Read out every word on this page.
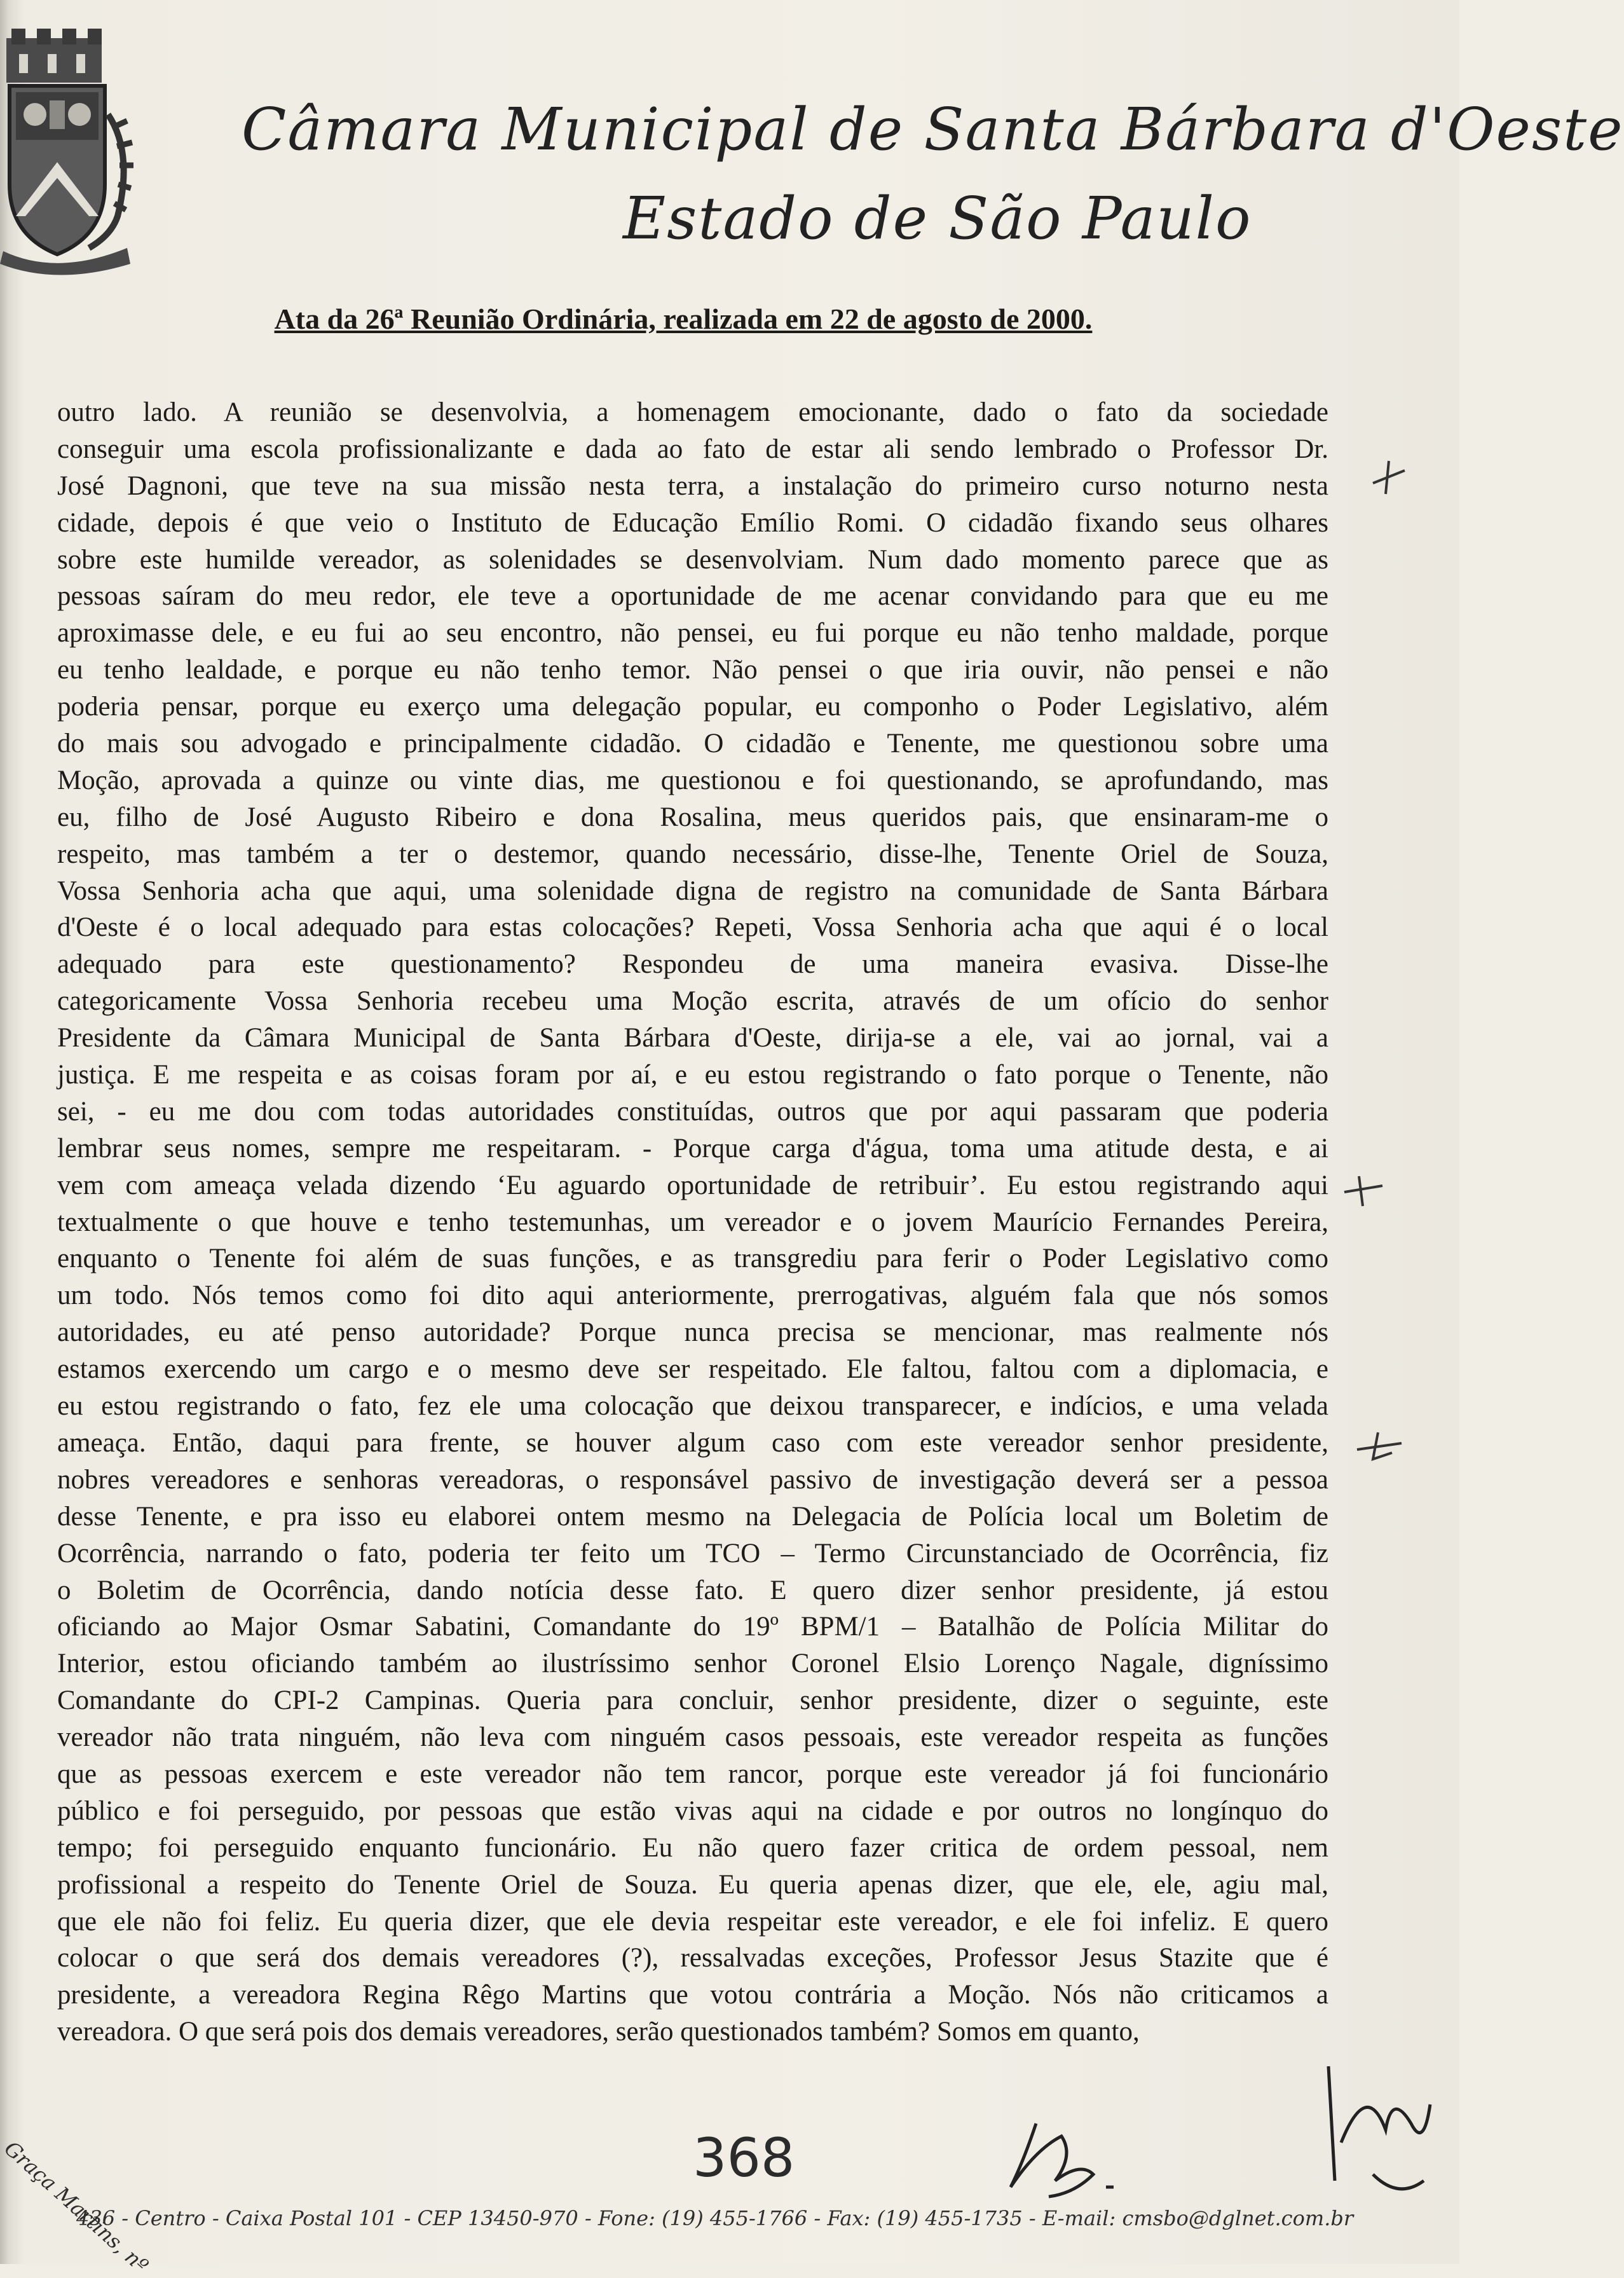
Câmara Municipal de Santa Bárbara d'Oeste
Estado de São Paulo
Ata da 26ª Reunião Ordinária, realizada em 22 de agosto de 2000.
outro lado. A reunião se desenvolvia, a homenagem emocionante, dado o fato da sociedade
conseguir uma escola profissionalizante e dada ao fato de estar ali sendo lembrado o Professor Dr.
José Dagnoni, que teve na sua missão nesta terra, a instalação do primeiro curso noturno nesta
cidade, depois é que veio o Instituto de Educação Emílio Romi. O cidadão fixando seus olhares
sobre este humilde vereador, as solenidades se desenvolviam. Num dado momento parece que as
pessoas saíram do meu redor, ele teve a oportunidade de me acenar convidando para que eu me
aproximasse dele, e eu fui ao seu encontro, não pensei, eu fui porque eu não tenho maldade, porque
eu tenho lealdade, e porque eu não tenho temor. Não pensei o que iria ouvir, não pensei e não
poderia pensar, porque eu exerço uma delegação popular, eu componho o Poder Legislativo, além
do mais sou advogado e principalmente cidadão. O cidadão e Tenente, me questionou sobre uma
Moção, aprovada a quinze ou vinte dias, me questionou e foi questionando, se aprofundando, mas
eu, filho de José Augusto Ribeiro e dona Rosalina, meus queridos pais, que ensinaram-me o
respeito, mas também a ter o destemor, quando necessário, disse-lhe, Tenente Oriel de Souza,
Vossa Senhoria acha que aqui, uma solenidade digna de registro na comunidade de Santa Bárbara
d'Oeste é o local adequado para estas colocações? Repeti, Vossa Senhoria acha que aqui é o local
adequado para este questionamento? Respondeu de uma maneira evasiva. Disse-lhe
categoricamente Vossa Senhoria recebeu uma Moção escrita, através de um ofício do senhor
Presidente da Câmara Municipal de Santa Bárbara d'Oeste, dirija-se a ele, vai ao jornal, vai a
justiça. E me respeita e as coisas foram por aí, e eu estou registrando o fato porque o Tenente, não
sei, - eu me dou com todas autoridades constituídas, outros que por aqui passaram que poderia
lembrar seus nomes, sempre me respeitaram. - Porque carga d'água, toma uma atitude desta, e ai
vem com ameaça velada dizendo ‘Eu aguardo oportunidade de retribuir’. Eu estou registrando aqui
textualmente o que houve e tenho testemunhas, um vereador e o jovem Maurício Fernandes Pereira,
enquanto o Tenente foi além de suas funções, e as transgrediu para ferir o Poder Legislativo como
um todo. Nós temos como foi dito aqui anteriormente, prerrogativas, alguém fala que nós somos
autoridades, eu até penso autoridade? Porque nunca precisa se mencionar, mas realmente nós
estamos exercendo um cargo e o mesmo deve ser respeitado. Ele faltou, faltou com a diplomacia, e
eu estou registrando o fato, fez ele uma colocação que deixou transparecer, e indícios, e uma velada
ameaça. Então, daqui para frente, se houver algum caso com este vereador senhor presidente,
nobres vereadores e senhoras vereadoras, o responsável passivo de investigação deverá ser a pessoa
desse Tenente, e pra isso eu elaborei ontem mesmo na Delegacia de Polícia local um Boletim de
Ocorrência, narrando o fato, poderia ter feito um TCO – Termo Circunstanciado de Ocorrência, fiz
o Boletim de Ocorrência, dando notícia desse fato. E quero dizer senhor presidente, já estou
oficiando ao Major Osmar Sabatini, Comandante do 19º BPM/1 – Batalhão de Polícia Militar do
Interior, estou oficiando também ao ilustríssimo senhor Coronel Elsio Lorenço Nagale, digníssimo
Comandante do CPI-2 Campinas. Queria para concluir, senhor presidente, dizer o seguinte, este
vereador não trata ninguém, não leva com ninguém casos pessoais, este vereador respeita as funções
que as pessoas exercem e este vereador não tem rancor, porque este vereador já foi funcionário
público e foi perseguido, por pessoas que estão vivas aqui na cidade e por outros no longínquo do
tempo; foi perseguido enquanto funcionário. Eu não quero fazer critica de ordem pessoal, nem
profissional a respeito do Tenente Oriel de Souza. Eu queria apenas dizer, que ele, ele, agiu mal,
que ele não foi feliz. Eu queria dizer, que ele devia respeitar este vereador, e ele foi infeliz. E quero
colocar o que será dos demais vereadores (?), ressalvadas exceções, Professor Jesus Stazite que é
presidente, a vereadora Regina Rêgo Martins que votou contrária a Moção. Nós não criticamos a
vereadora. O que será pois dos demais vereadores, serão questionados também? Somos em quanto,
368
Graça Martins, nº
436 - Centro - Caixa Postal 101 - CEP 13450-970 - Fone: (19) 455-1766 - Fax: (19) 455-1735 - E-mail: cmsbo@dglnet.com.br
